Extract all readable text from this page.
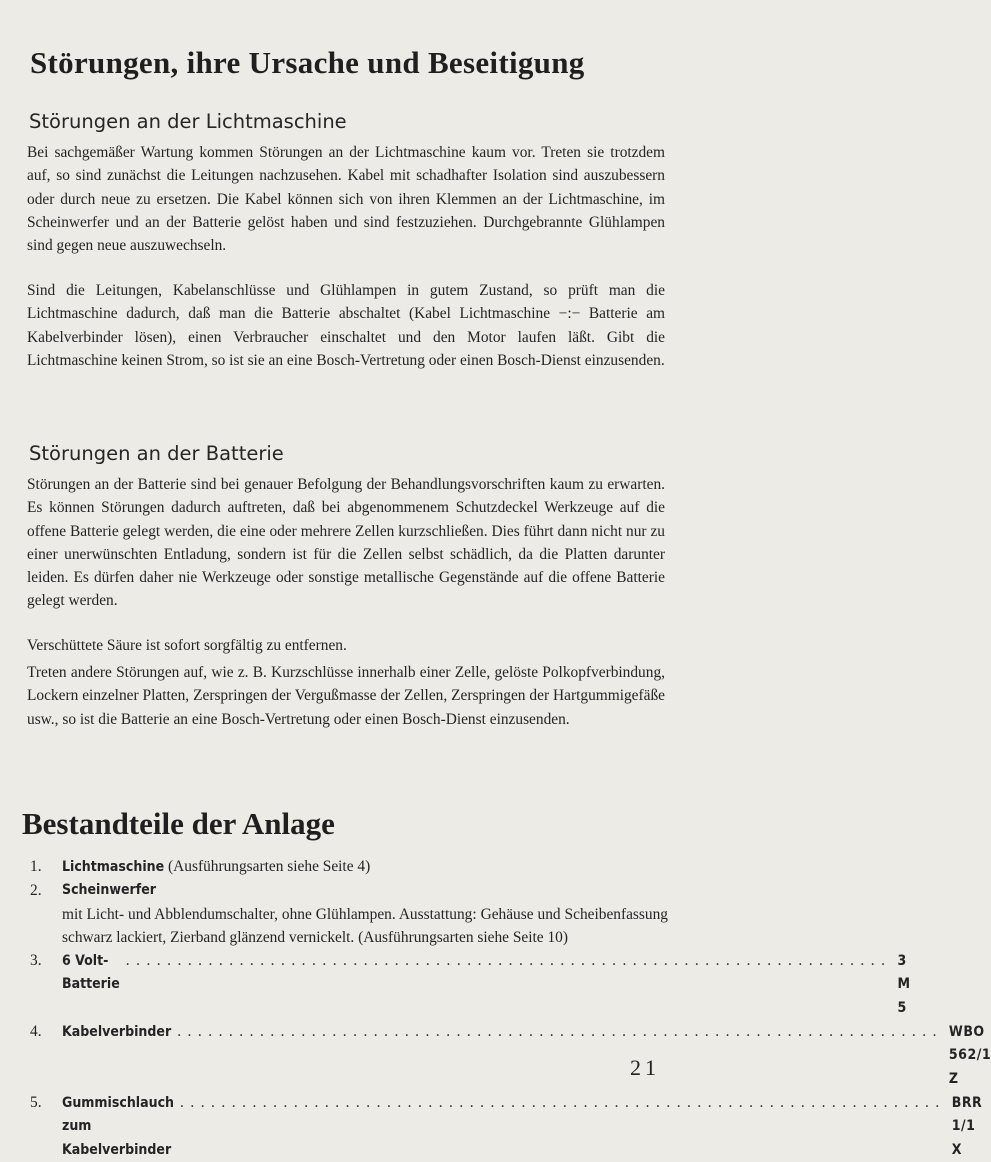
Störungen, ihre Ursache und Beseitigung
Störungen an der Lichtmaschine
Bei sachgemäßer Wartung kommen Störungen an der Lichtmaschine kaum vor. Treten sie trotzdem auf, so sind zunächst die Leitungen nachzusehen. Kabel mit schadhafter Isolation sind auszubessern oder durch neue zu ersetzen. Die Kabel können sich von ihren Klemmen an der Lichtmaschine, im Scheinwerfer und an der Batterie gelöst haben und sind festzuziehen. Durchgebrannte Glühlampen sind gegen neue auszuwechseln.
Sind die Leitungen, Kabelanschlüsse und Glühlampen in gutem Zustand, so prüft man die Lichtmaschine dadurch, daß man die Batterie abschaltet (Kabel Lichtmaschine −:− Batterie am Kabelverbinder lösen), einen Verbraucher einschaltet und den Motor laufen läßt. Gibt die Lichtmaschine keinen Strom, so ist sie an eine Bosch-Vertretung oder einen Bosch-Dienst einzusenden.
Störungen an der Batterie
Störungen an der Batterie sind bei genauer Befolgung der Behandlungsvorschriften kaum zu erwarten. Es können Störungen dadurch auftreten, daß bei abgenommenem Schutzdeckel Werkzeuge auf die offene Batterie gelegt werden, die eine oder mehrere Zellen kurzschließen. Dies führt dann nicht nur zu einer unerwünschten Entladung, sondern ist für die Zellen selbst schädlich, da die Platten darunter leiden. Es dürfen daher nie Werkzeuge oder sonstige metallische Gegenstände auf die offene Batterie gelegt werden.
Verschüttete Säure ist sofort sorgfältig zu entfernen.
Treten andere Störungen auf, wie z. B. Kurzschlüsse innerhalb einer Zelle, gelöste Polkopfverbindung, Lockern einzelner Platten, Zerspringen der Vergußmasse der Zellen, Zerspringen der Hartgummigefäße usw., so ist die Batterie an eine Bosch-Vertretung oder einen Bosch-Dienst einzusenden.
Bestandteile der Anlage
1.	Lichtmaschine (Ausführungsarten siehe Seite 4)
2.	Scheinwerfer
mit Licht- und Abblendumschalter, ohne Glühlampen. Ausstattung: Gehäuse und Scheibenfassung schwarz lackiert, Zierband glänzend vernickelt. (Ausführungsarten siehe Seite 10)
3.	6 Volt-Batterie
.......................................................................... 3 M 5
4.	Kabelverbinder .......................................................................... WBO 562/1 Z
5.	Gummischlauch zum Kabelverbinder
.......................................................................... BRR 1/1 X
21
